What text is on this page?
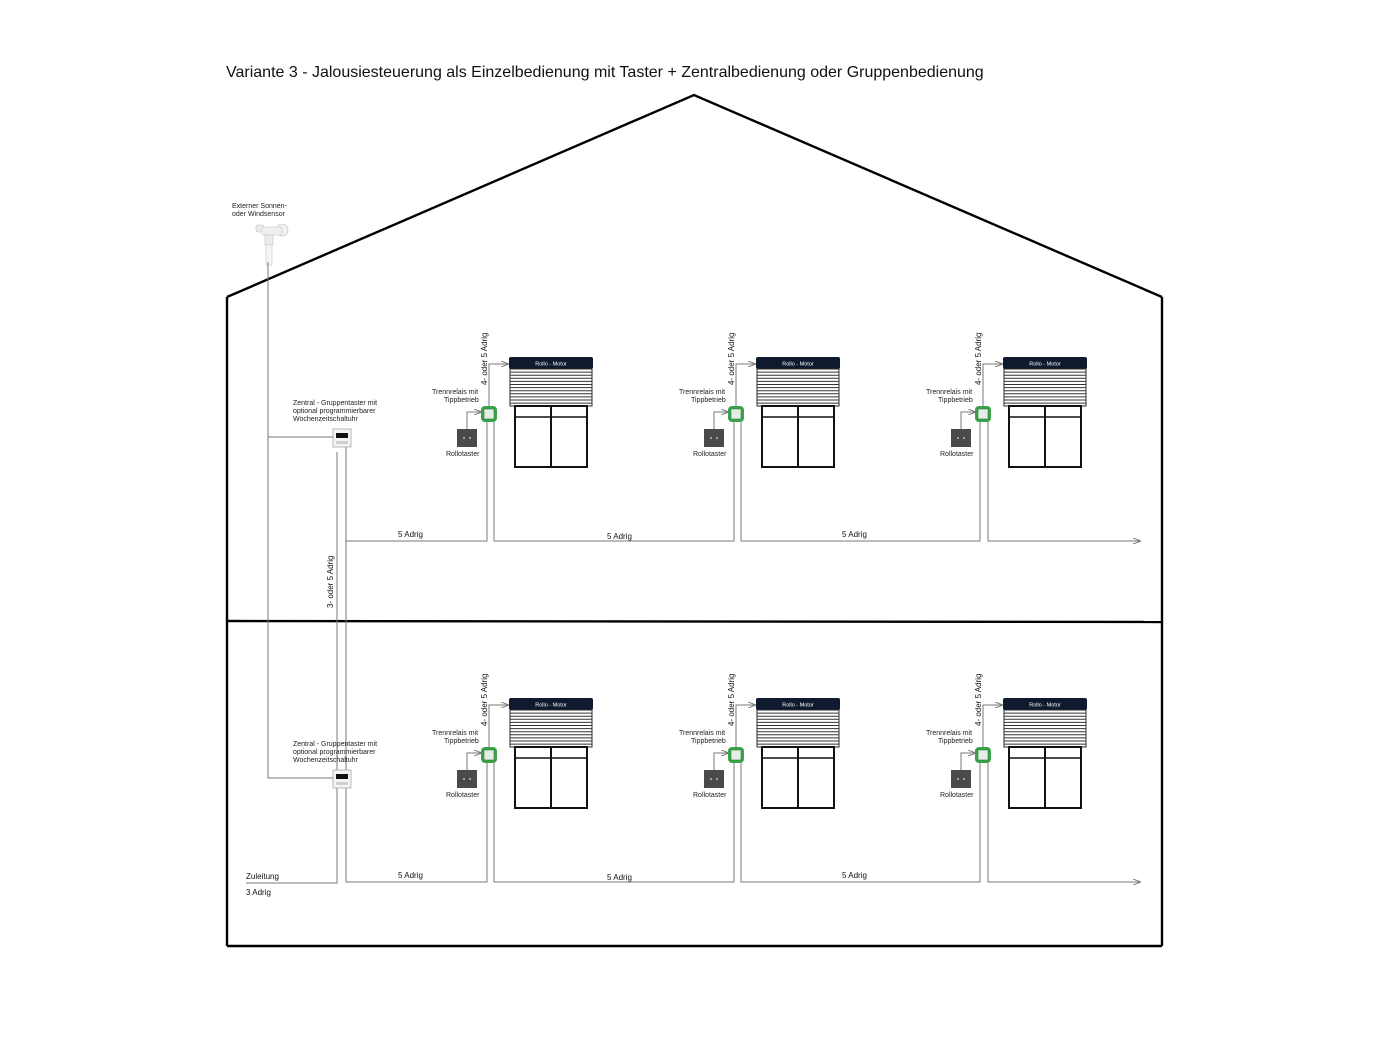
Variante 3 - Jalousiesteuerung als Einzelbedienung mit Taster + Zentralbedienung oder Gruppenbedienung
Externer Sonnen-
oder Windsensor
Zentral - Gruppentaster mit
optional programmierbarer
Wochenzeitschaltuhr
5 Adrig	5 Adrig	5 Adrig
4- oder 5 Adrig
Trennrelais mit
Tippbetrieb
Rollotaster
Rollo - Motor	4- oder 5 Adrig
Trennrelais mit
Tippbetrieb
Rollotaster
Rollo - Motor	4- oder 5 Adrig
Trennrelais mit
Tippbetrieb
Rollotaster
Rollo - Motor
Zentral - Gruppentaster mit
optional programmierbarer
Wochenzeitschaltuhr
5 Adrig	5 Adrig	5 Adrig
4- oder 5 Adrig
Trennrelais mit
Tippbetrieb
Rollotaster
Rollo - Motor	4- oder 5 Adrig
Trennrelais mit
Tippbetrieb
Rollotaster
Rollo - Motor	4- oder 5 Adrig
Trennrelais mit
Tippbetrieb
Rollotaster
Rollo - Motor
Zuleitung
3 Adrig
3- oder 5 Adrig
